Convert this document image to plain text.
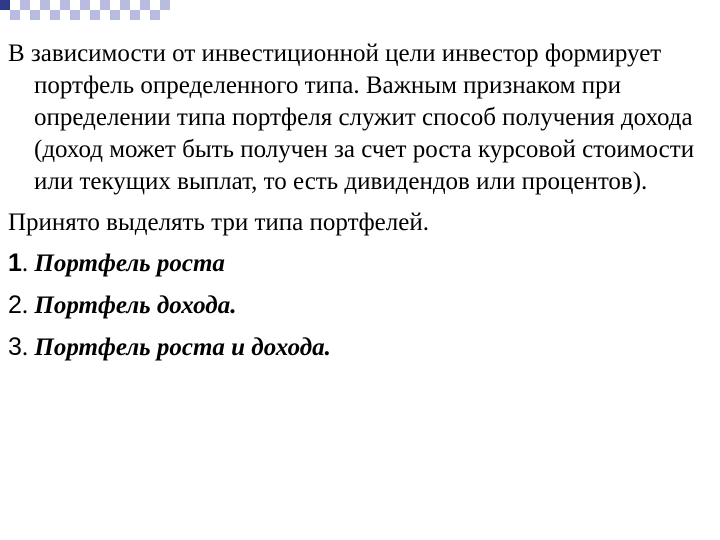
В зависимости от инвестиционной цели инвестор формирует портфель определенного типа. Важным признаком при определении типа портфеля служит способ получения дохода (доход может быть получен за счет роста курсовой стоимости или текущих выплат, то есть дивидендов или процентов).

Принято выделять три типа портфелей.

1. Портфель роста

2. Портфель дохода.

3. Портфель роста и дохода.
